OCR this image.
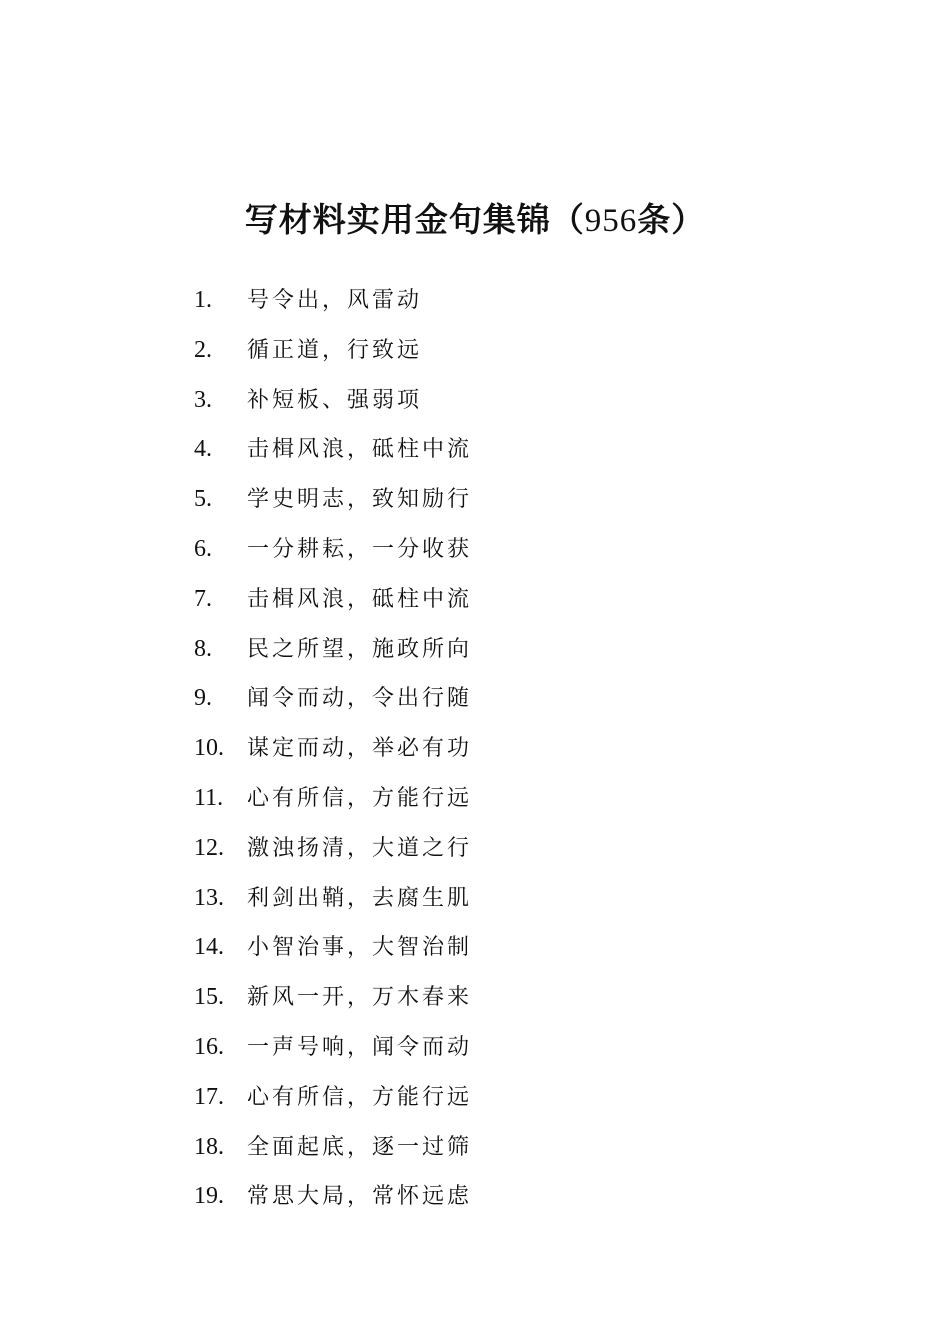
写材料实用金句集锦（956条）
1.	号令出，风雷动
2.	循正道，行致远
3.	补短板、强弱项
4.	击楫风浪，砥柱中流
5.	学史明志，致知励行
6.	一分耕耘，一分收获
7.	击楫风浪，砥柱中流
8.	民之所望，施政所向
9.	闻令而动，令出行随
10.	谋定而动，举必有功
11.	心有所信，方能行远
12.	激浊扬清，大道之行
13.	利剑出鞘，去腐生肌
14.	小智治事，大智治制
15.	新风一开，万木春来
16.	一声号响，闻令而动
17.	心有所信，方能行远
18.	全面起底，逐一过筛
19.	常思大局，常怀远虑
